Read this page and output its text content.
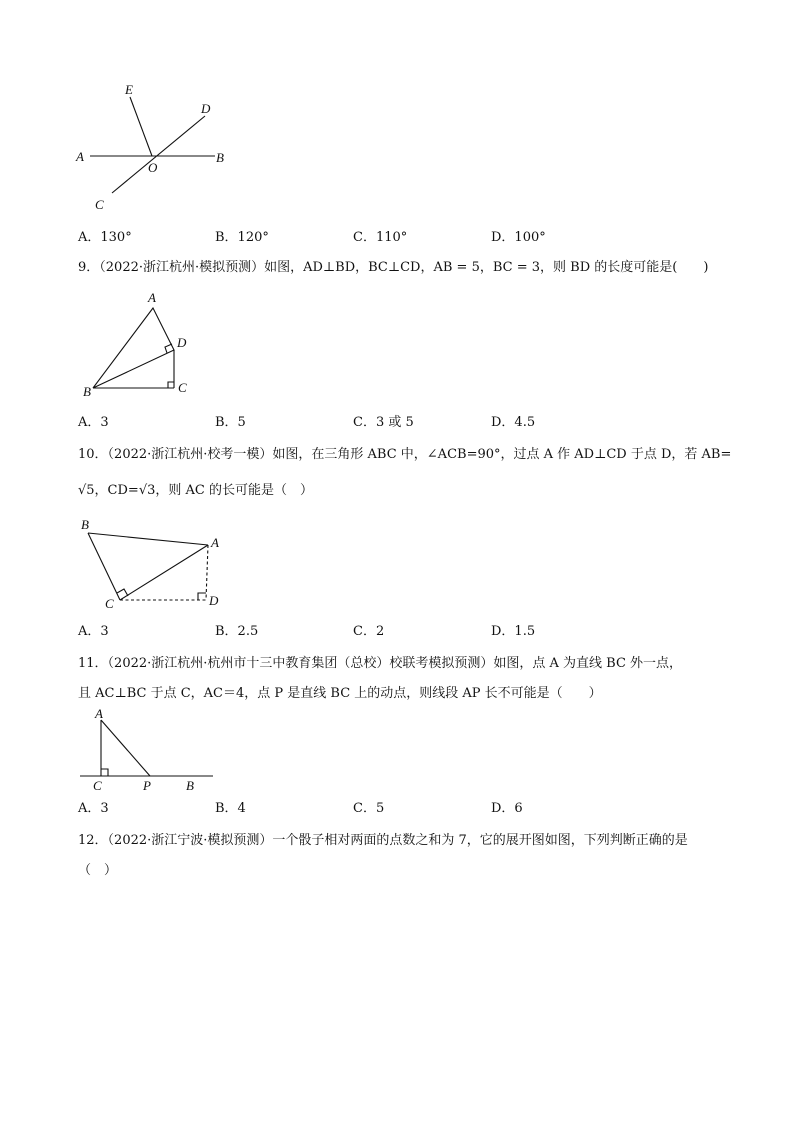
E
D
A
O
B
C
A．130°	B．120°	C．110°	D．100°
9．（2022·浙江杭州·模拟预测）如图，AD⊥BD，BC⊥CD，AB = 5，BC = 3，则 BD 的长度可能是(　　)
A
D
B	C
A．3	B．5	C．3 或 5	D．4.5
10．（2022·浙江杭州·校考一模）如图，在三角形 ABC 中，∠ACB=90°，过点 A 作 AD⊥CD 于点 D，若 AB=
√5，CD=√3，则 AC 的长可能是（　）
B
A
C	D
A．3	B．2.5	C．2	D．1.5
11．（2022·浙江杭州·杭州市十三中教育集团（总校）校联考模拟预测）如图，点 A 为直线 BC 外一点，
且 AC⊥BC 于点 C，AC＝4，点 P 是直线 BC 上的动点，则线段 AP 长不可能是（　　）
A
C	P	B
A．3	B．4	C．5	D．6
12．（2022·浙江宁波·模拟预测）一个骰子相对两面的点数之和为 7，它的展开图如图，下列判断正确的是
（　）
